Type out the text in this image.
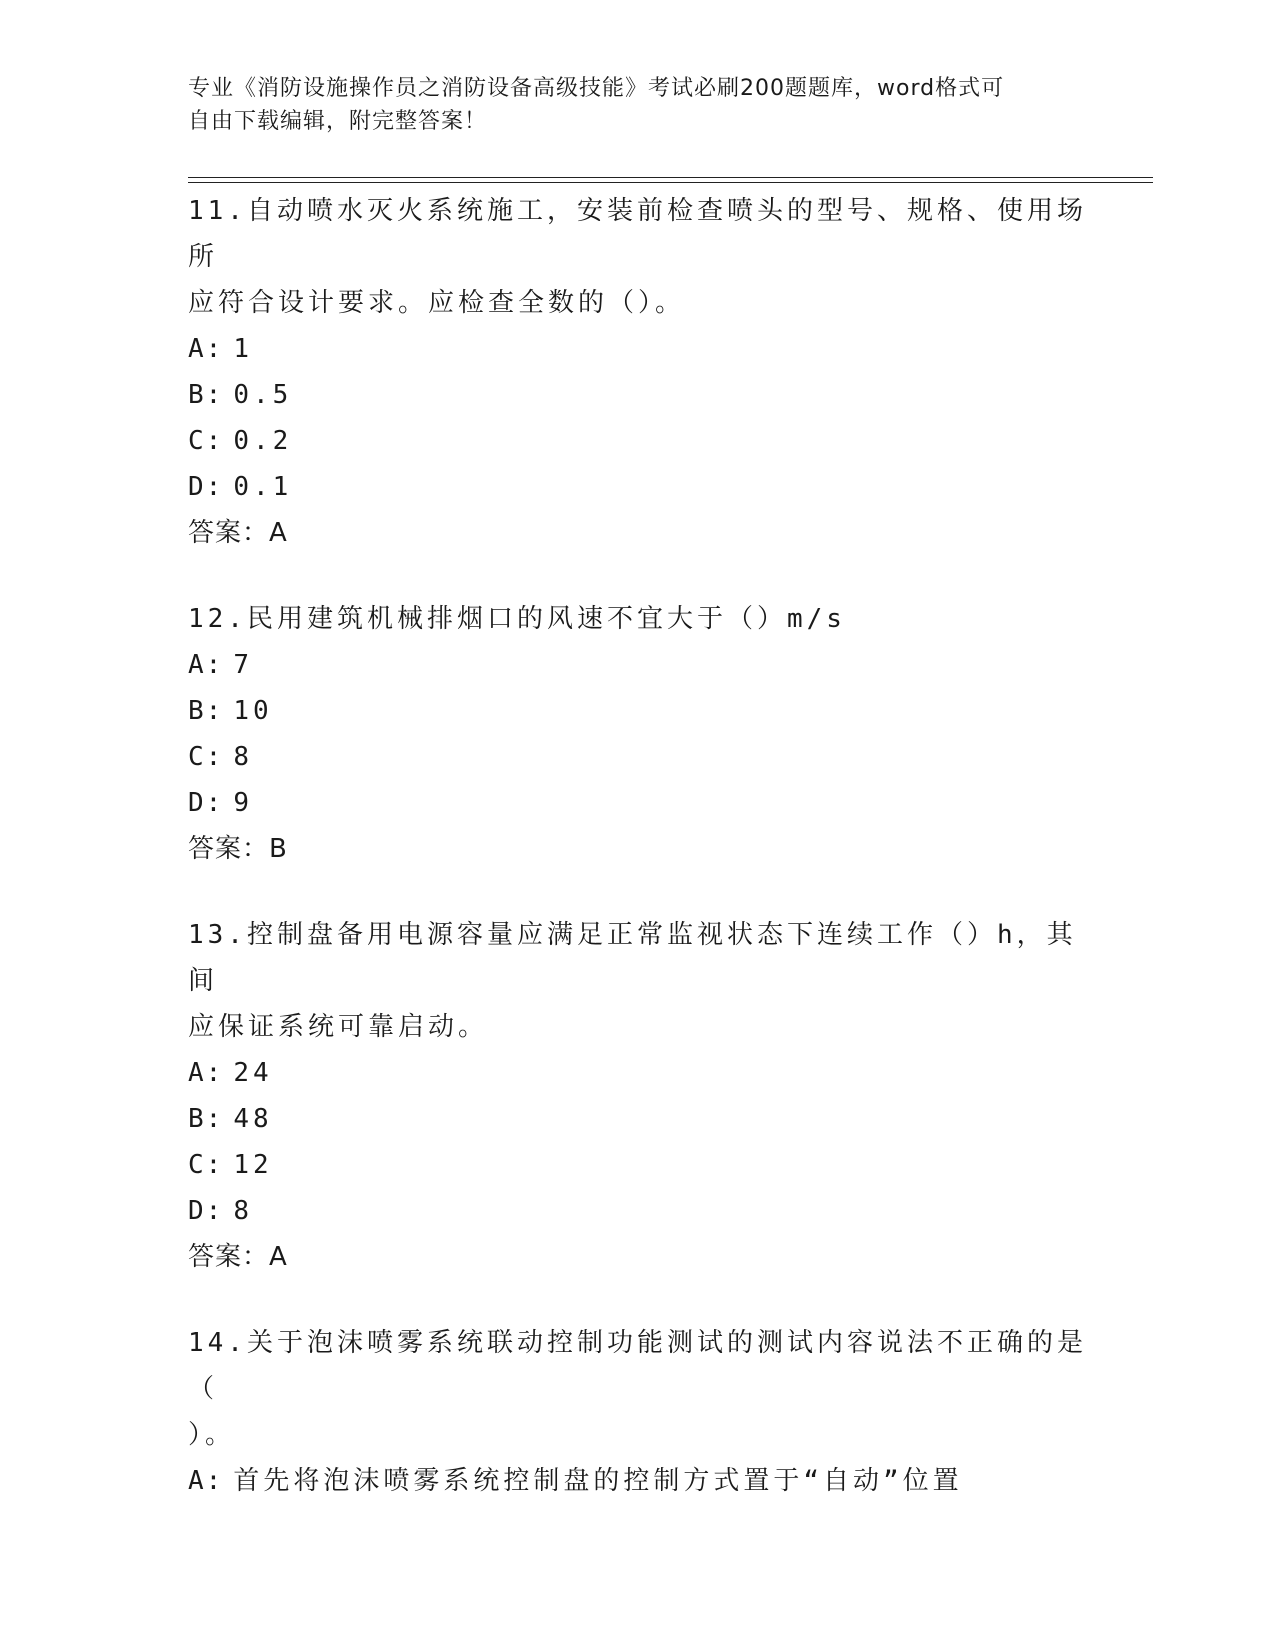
专业《消防设施操作员之消防设备高级技能》考试必刷200题题库，word格式可
自由下载编辑，附完整答案！

11.自动喷水灭火系统施工，安装前检查喷头的型号、规格、使用场所

应符合设计要求。应检查全数的（）。

A: 1

B: 0.5

C: 0.2

D: 0.1

答案：A

12.民用建筑机械排烟口的风速不宜大于（）m/s

A: 7

B: 10

C: 8

D: 9

答案：B

13.控制盘备用电源容量应满足正常监视状态下连续工作（）h，其间

应保证系统可靠启动。

A: 24

B: 48

C: 12

D: 8

答案：A

14.关于泡沫喷雾系统联动控制功能测试的测试内容说法不正确的是（

）。

A: 首先将泡沫喷雾系统控制盘的控制方式置于“自动”位置
